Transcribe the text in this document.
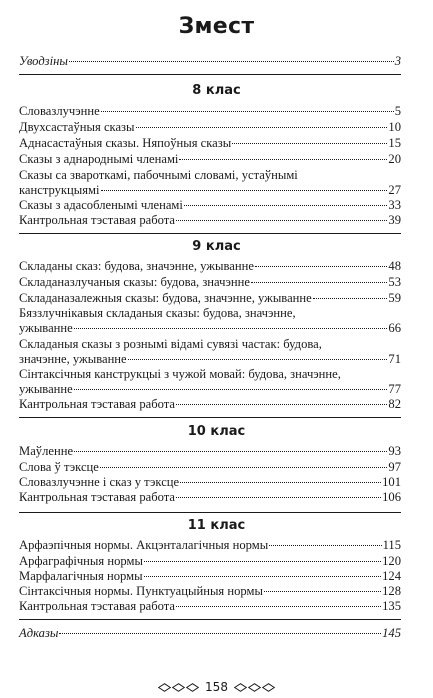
Змест
Уводзіны	3
8 клас
Словазлучэнне	5
Двухсастаўныя сказы	10
Аднасастаўныя сказы. Няпоўныя сказы	15
Сказы з аднароднымі членамі	20
Сказы са звароткамі, пабочнымі словамі, устаўнымі
канструкцыямі	27
Сказы з адасобленымі членамі	33
Кантрольная тэставая работа	39
9 клас
Складаны сказ: будова, значэнне, ужыванне	48
Складаназлучаныя сказы: будова, значэнне	53
Складаназалежныя сказы: будова, значэнне, ужыванне	59
Бяззлучнікавыя складаныя сказы: будова, значэнне,
ужыванне	66
Складаныя сказы з рознымі відамі сувязі частак: будова,
значэнне, ужыванне	71
Сінтаксічныя канструкцыі з чужой мовай: будова, значэнне,
ужыванне	77
Кантрольная тэставая работа	82
10 клас
Маўленне	93
Слова ў тэксце	97
Словазлучэнне і сказ у тэксце	101
Кантрольная тэставая работа	106
11 клас
Арфаэпічныя нормы. Акцэнталагічныя нормы	115
Арфаграфічныя нормы	120
Марфалагічныя нормы	124
Сінтаксічныя нормы. Пунктуацыйныя нормы	128
Кантрольная тэставая работа	135
Адказы	145
158
